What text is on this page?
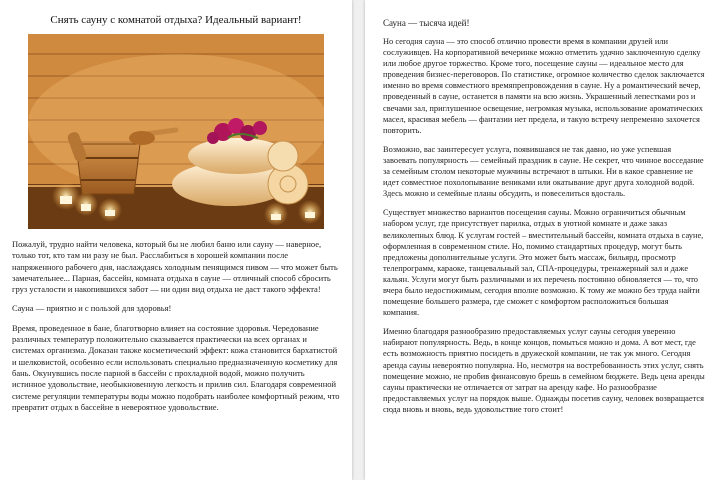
Снять сауну с комнатой отдыха? Идеальный вариант!

Пожалуй, трудно найти человека, который бы не любил баню или сауну — наверное, только тот, кто там ни разу не был. Расслабиться в хорошей компании после напряженного рабочего дня, наслаждаясь холодным пенящимся пивом — что может быть замечательнее... Парная, бассейн, комната отдыха в сауне — отличный способ сбросить груз усталости и накопившихся забот — ни один вид отдыха не даст такого эффекта!

Сауна — приятно и с пользой для здоровья!

Время, проведенное в бане, благотворно влияет на состояние здоровья. Чередование различных температур положительно сказывается практически на всех органах и системах организма. Доказан также косметический эффект: кожа становится бархатистой и шелковистой, особенно если использовать специально предназначенную косметику для бань. Окунувшись после парной в бассейн с прохладной водой, можно получить истинное удовольствие, необыкновенную легкость и прилив сил. Благодаря современной системе регуляции температуры воды можно подобрать наиболее комфортный режим, что превратит отдых в бассейне в невероятное удовольствие.

Сауна — тысяча идей!

Но сегодня сауна — это способ отлично провести время в компании друзей или сослуживцев. На корпоративной вечеринке можно отметить удачно заключенную сделку или любое другое торжество. Кроме того, посещение сауны — идеальное место для проведения бизнес-переговоров. По статистике, огромное количество сделок заключается именно во время совместного времяпрепровождения в сауне. Ну а романтический вечер, проведенный в сауне, останется в памяти на всю жизнь. Украшенный лепестками роз и свечами зал, приглушенное освещение, негромкая музыка, использование ароматических масел, красивая мебель — фантазии нет предела, и такую встречу непременно захочется повторить.

Возможно, вас заинтересует услуга, появившаяся не так давно, но уже успевшая завоевать популярность — семейный праздник в сауне. Не секрет, что чинное восседание за семейным столом некоторые мужчины встречают в штыки. Ни в какое сравнение не идет совместное похолопывание вениками или окатывание друг друга холодной водой. Здесь можно и семейные планы обсудить, и повеселиться вдосталь.

Существует множество вариантов посещения сауны. Можно ограничиться обычным набором услуг, где присутствует парилка, отдых в уютной комнате и даже заказ великолепных блюд. К услугам гостей – вместительный бассейн, комната отдыха в сауне, оформленная в современном стиле. Но, помимо стандартных процедур, могут быть предложены дополнительные услуги. Это может быть массаж, бильярд, просмотр телепрограмм, караоке, танцевальный зал, СПА-процедуры, тренажерный зал и даже кальян. Услуги могут быть различными и их перечень постоянно обновляется — то, что вчера было недостижимым, сегодня вполне возможно. К тому же можно без труда найти помещение большего размера, где сможет с комфортом расположиться большая компания.

Именно благодаря разнообразию предоставляемых услуг сауны сегодня уверенно набирают популярность. Ведь, в конце концов, помыться можно и дома. А вот мест, где есть возможность приятно посидеть в дружеской компании, не так уж много. Сегодня аренда сауны невероятно популярна. Но, несмотря на востребованность этих услуг, снять помещение можно, не пробив финансовую брешь в семейном бюджете. Ведь цена аренды сауны практически не отличается от затрат на аренду кафе. Но разнообразие предоставляемых услуг на порядок выше. Однажды посетив сауну, человек возвращается сюда вновь и вновь, ведь удовольствие того стоит!
